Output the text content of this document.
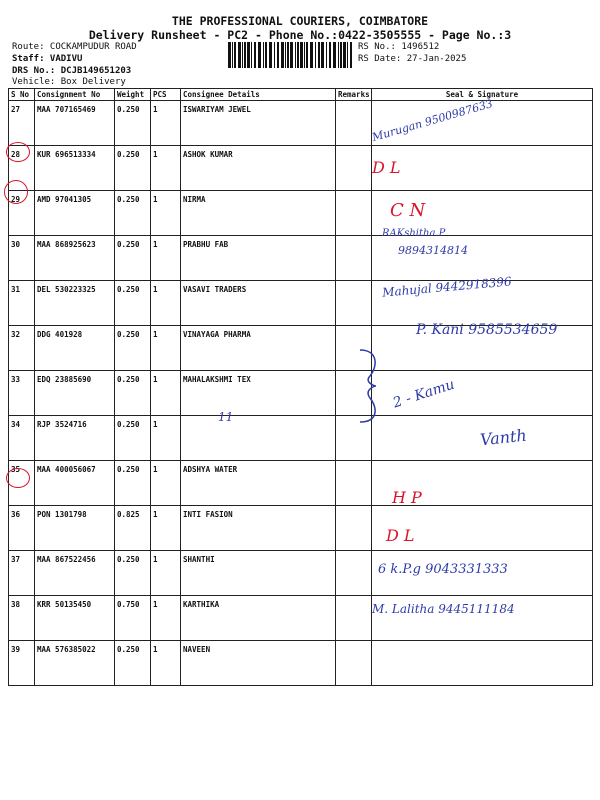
THE PROFESSIONAL COURIERS, COIMBATORE
Delivery Runsheet - PC2 - Phone No.:0422-3505555 - Page No.:3
Route: COCKAMPUDUR ROAD
Staff: VADIVU
DRS No.: DCJB149651203
Vehicle: Box Delivery
RS No.: 1496512
RS Date: 27-Jan-2025
S No	Consignment No	Weight	PCS	Consignee Details	Remarks	Seal & Signature
27	MAA 707165469	0.250	1	ISWARIYAM JEWEL		
28	KUR 696513334	0.250	1	ASHOK KUMAR		
29	AMD 97041305	0.250	1	NIRMA		
30	MAA 868925623	0.250	1	PRABHU FAB		
31	DEL 530223325	0.250	1	VASAVI TRADERS		
32	DDG 401928	0.250	1	VINAYAGA PHARMA		
33	EDQ 23885690	0.250	1	MAHALAKSHMI TEX		
34	RJP 3524716	0.250	1			
35	MAA 400056067	0.250	1	ADSHYA WATER		
36	PON 1301798	0.825	1	INTI FASION		
37	MAA 867522456	0.250	1	SHANTHI		
38	KRR 50135450	0.750	1	KARTHIKA		
39	MAA 576385022	0.250	1	NAVEEN		
Murugan 9500987633
D L
C N
RAKshitha.P
9894314814
Mahujal 9442918396
P. Kani 9585534659
11
2 - Kamu
Vanth
H P
D L
6 k.P.g 9043331333
M. Lalitha 9445111184
